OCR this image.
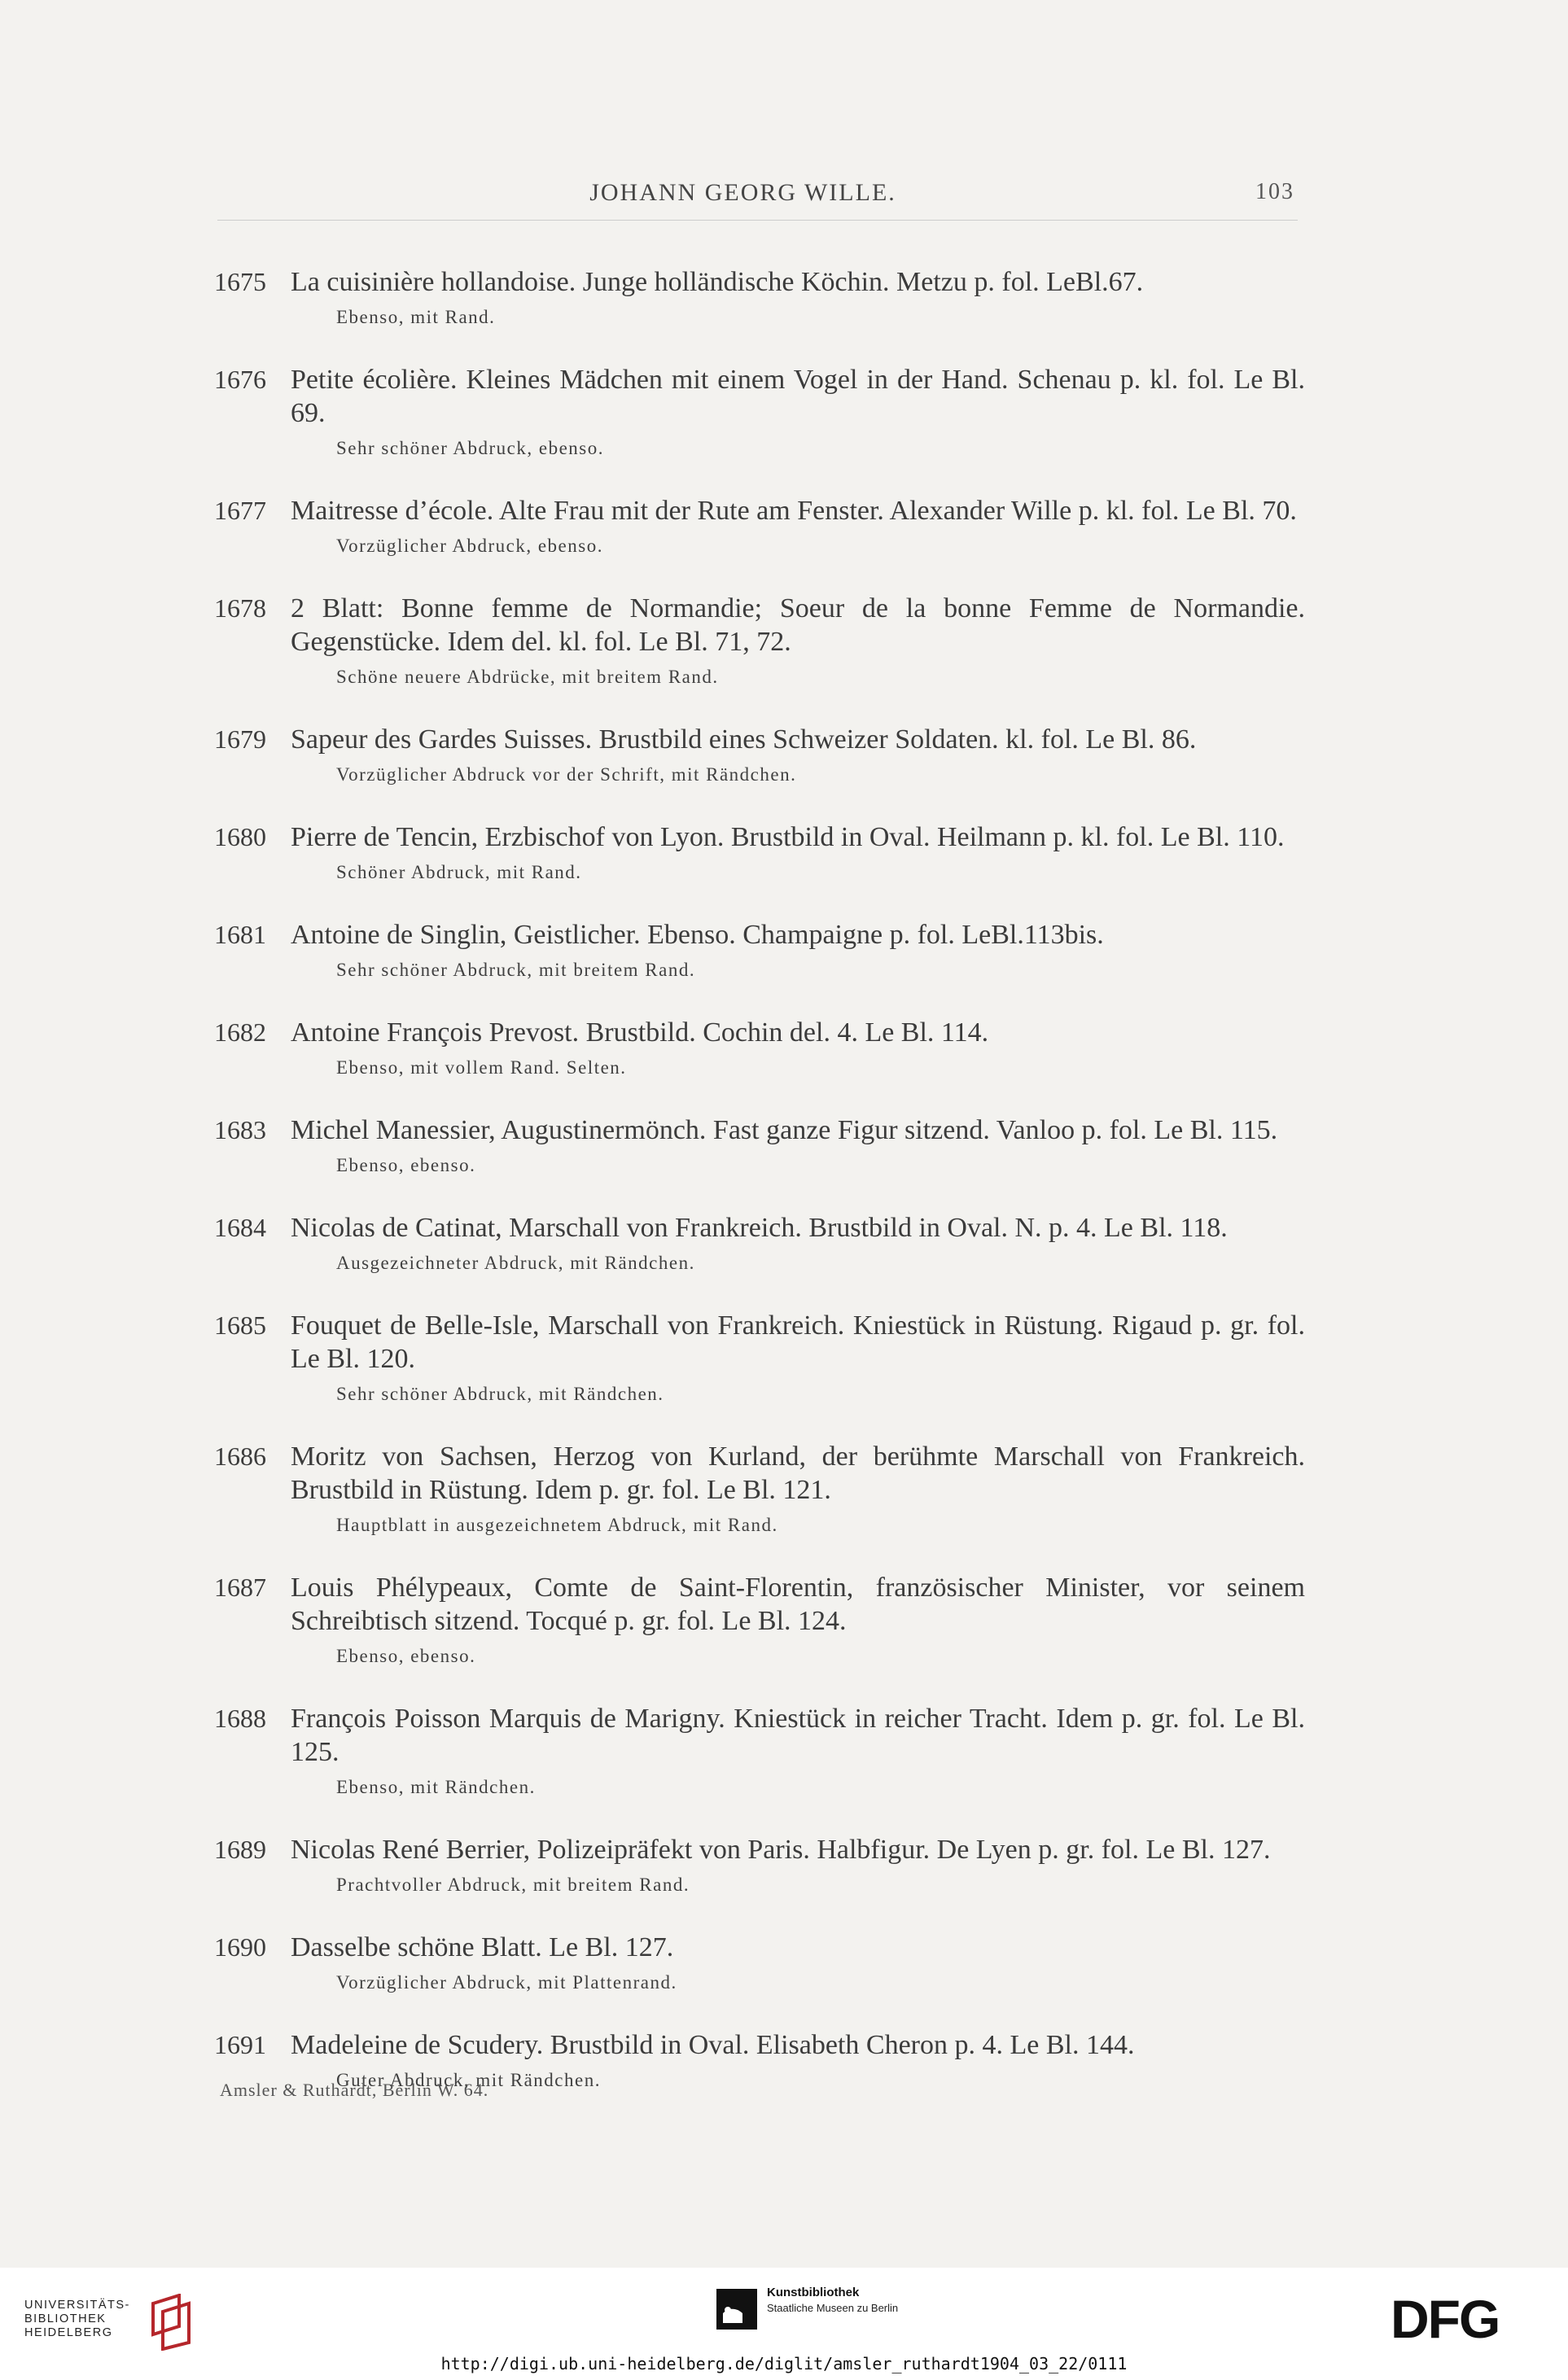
JOHANN GEORG WILLE.	103
1675 La cuisinière hollandoise. Junge holländische Köchin. Metzu p. fol. LeBl.67.
Ebenso, mit Rand.
1676 Petite écolière. Kleines Mädchen mit einem Vogel in der Hand. Schenau p. kl. fol. Le Bl. 69.
Sehr schöner Abdruck, ebenso.
1677 Maitresse d’école. Alte Frau mit der Rute am Fenster. Alexander Wille p. kl. fol. Le Bl. 70.
Vorzüglicher Abdruck, ebenso.
1678 2 Blatt: Bonne femme de Normandie; Soeur de la bonne Femme de Normandie. Gegenstücke. Idem del. kl. fol. Le Bl. 71, 72.
Schöne neuere Abdrücke, mit breitem Rand.
1679 Sapeur des Gardes Suisses. Brustbild eines Schweizer Soldaten. kl. fol. Le Bl. 86.
Vorzüglicher Abdruck vor der Schrift, mit Rändchen.
1680 Pierre de Tencin, Erzbischof von Lyon. Brustbild in Oval. Heilmann p. kl. fol. Le Bl. 110.
Schöner Abdruck, mit Rand.
1681 Antoine de Singlin, Geistlicher. Ebenso. Champaigne p. fol. LeBl.113bis.
Sehr schöner Abdruck, mit breitem Rand.
1682 Antoine François Prevost. Brustbild. Cochin del. 4. Le Bl. 114.
Ebenso, mit vollem Rand. Selten.
1683 Michel Manessier, Augustinermönch. Fast ganze Figur sitzend. Vanloo p. fol. Le Bl. 115.
Ebenso, ebenso.
1684 Nicolas de Catinat, Marschall von Frankreich. Brustbild in Oval. N. p. 4. Le Bl. 118.
Ausgezeichneter Abdruck, mit Rändchen.
1685 Fouquet de Belle-Isle, Marschall von Frankreich. Kniestück in Rüstung. Rigaud p. gr. fol. Le Bl. 120.
Sehr schöner Abdruck, mit Rändchen.
1686 Moritz von Sachsen, Herzog von Kurland, der berühmte Marschall von Frankreich. Brustbild in Rüstung. Idem p. gr. fol. Le Bl. 121.
Hauptblatt in ausgezeichnetem Abdruck, mit Rand.
1687 Louis Phélypeaux, Comte de Saint-Florentin, französischer Minister, vor seinem Schreibtisch sitzend. Tocqué p. gr. fol. Le Bl. 124.
Ebenso, ebenso.
1688 François Poisson Marquis de Marigny. Kniestück in reicher Tracht. Idem p. gr. fol. Le Bl. 125.
Ebenso, mit Rändchen.
1689 Nicolas René Berrier, Polizeipräfekt von Paris. Halbfigur. De Lyen p. gr. fol. Le Bl. 127.
Prachtvoller Abdruck, mit breitem Rand.
1690 Dasselbe schöne Blatt. Le Bl. 127.
Vorzüglicher Abdruck, mit Plattenrand.
1691 Madeleine de Scudery. Brustbild in Oval. Elisabeth Cheron p. 4. Le Bl. 144.
Guter Abdruck, mit Rändchen.
Amsler & Ruthardt, Berlin W. 64.
UNIVERSITÄTS-
BIBLIOTHEK
HEIDELBERG
Kunstbibliothek
Staatliche Museen zu Berlin	DFG
http://digi.ub.uni-heidelberg.de/diglit/amsler_ruthardt1904_03_22/0111
